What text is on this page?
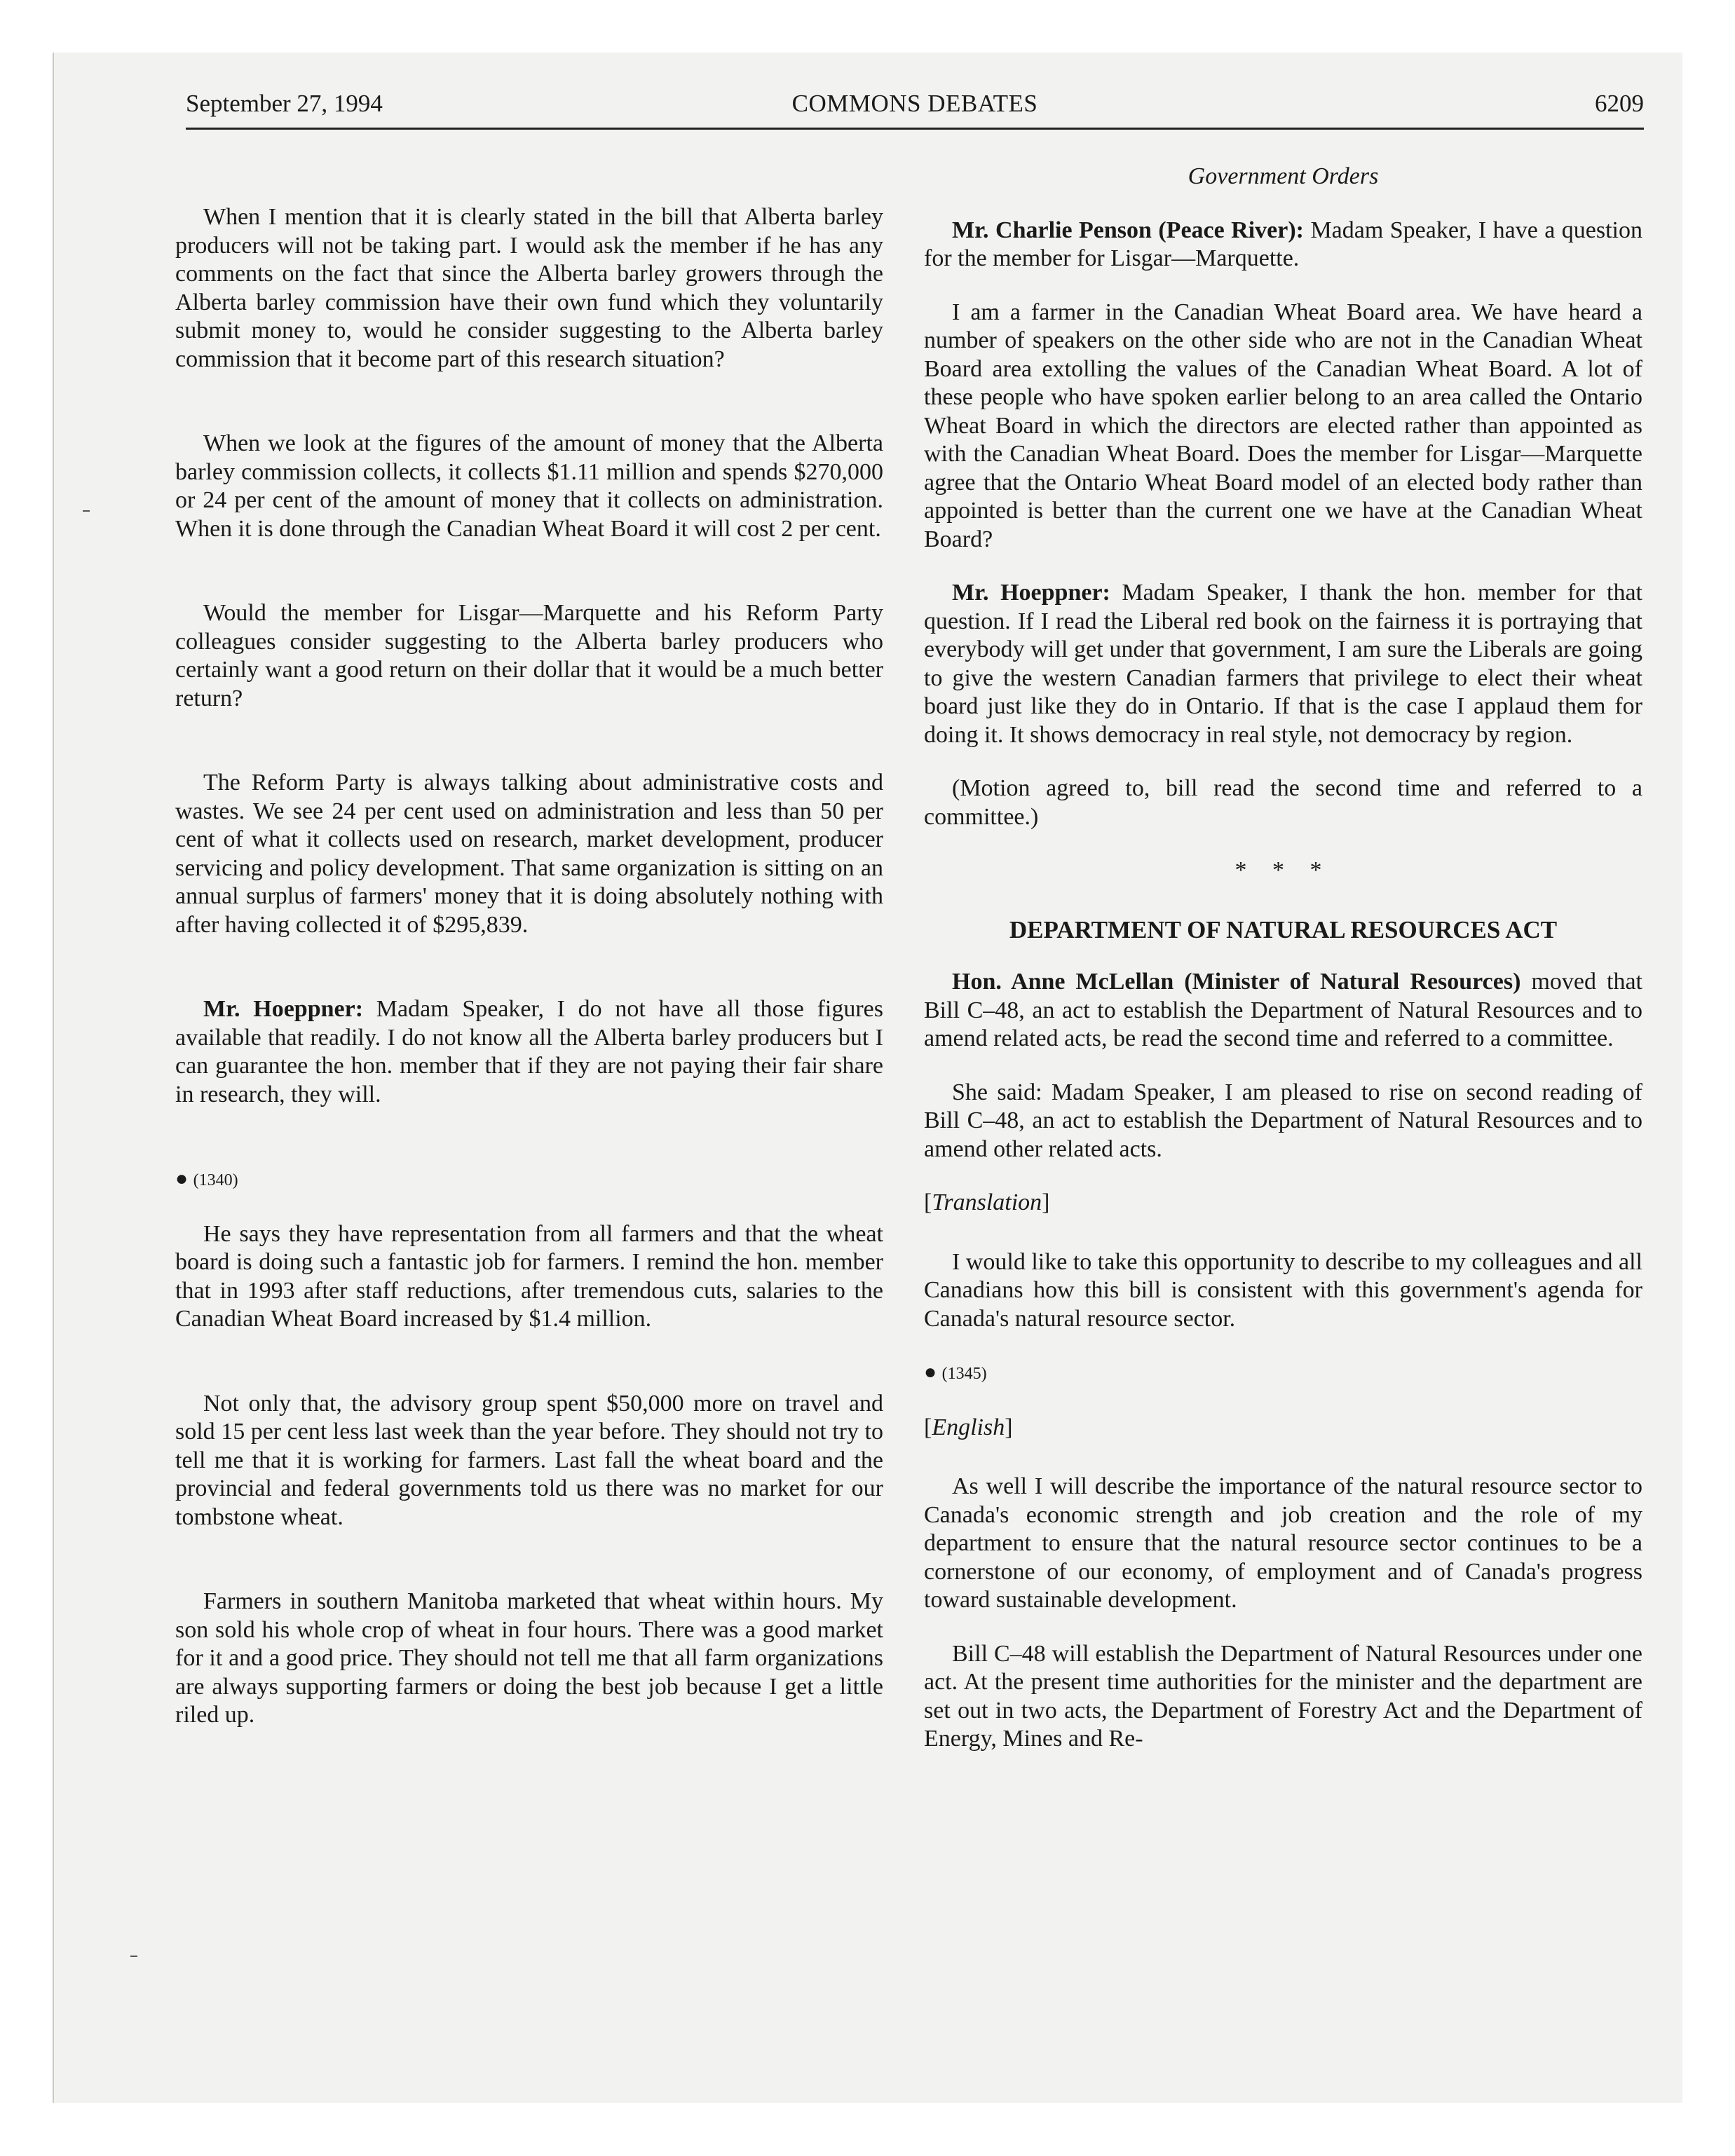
September 27, 1994	COMMONS DEBATES	6209

When I mention that it is clearly stated in the bill that Alberta barley producers will not be taking part. I would ask the member if he has any comments on the fact that since the Alberta barley growers through the Alberta barley commission have their own fund which they voluntarily submit money to, would he consider suggesting to the Alberta barley commission that it become part of this research situation?

When we look at the figures of the amount of money that the Alberta barley commission collects, it collects $1.11 million and spends $270,000 or 24 per cent of the amount of money that it collects on administration. When it is done through the Canadian Wheat Board it will cost 2 per cent.

Would the member for Lisgar—Marquette and his Reform Party colleagues consider suggesting to the Alberta barley producers who certainly want a good return on their dollar that it would be a much better return?

The Reform Party is always talking about administrative costs and wastes. We see 24 per cent used on administration and less than 50 per cent of what it collects used on research, market development, producer servicing and policy development. That same organization is sitting on an annual surplus of farmers' money that it is doing absolutely nothing with after having collected it of $295,839.

Mr. Hoeppner: Madam Speaker, I do not have all those figures available that readily. I do not know all the Alberta barley producers but I can guarantee the hon. member that if they are not paying their fair share in research, they will.

● (1340)

He says they have representation from all farmers and that the wheat board is doing such a fantastic job for farmers. I remind the hon. member that in 1993 after staff reductions, after tremendous cuts, salaries to the Canadian Wheat Board increased by $1.4 million.

Not only that, the advisory group spent $50,000 more on travel and sold 15 per cent less last week than the year before. They should not try to tell me that it is working for farmers. Last fall the wheat board and the provincial and federal governments told us there was no market for our tombstone wheat.

Farmers in southern Manitoba marketed that wheat within hours. My son sold his whole crop of wheat in four hours. There was a good market for it and a good price. They should not tell me that all farm organizations are always supporting farmers or doing the best job because I get a little riled up.

Government Orders

Mr. Charlie Penson (Peace River): Madam Speaker, I have a question for the member for Lisgar—Marquette.

I am a farmer in the Canadian Wheat Board area. We have heard a number of speakers on the other side who are not in the Canadian Wheat Board area extolling the values of the Canadian Wheat Board. A lot of these people who have spoken earlier belong to an area called the Ontario Wheat Board in which the directors are elected rather than appointed as with the Canadian Wheat Board. Does the member for Lisgar—Marquette agree that the Ontario Wheat Board model of an elected body rather than appointed is better than the current one we have at the Canadian Wheat Board?

Mr. Hoeppner: Madam Speaker, I thank the hon. member for that question. If I read the Liberal red book on the fairness it is portraying that everybody will get under that government, I am sure the Liberals are going to give the western Canadian farmers that privilege to elect their wheat board just like they do in Ontario. If that is the case I applaud them for doing it. It shows democracy in real style, not democracy by region.

(Motion agreed to, bill read the second time and referred to a committee.)

* * *

DEPARTMENT OF NATURAL RESOURCES ACT

Hon. Anne McLellan (Minister of Natural Resources) moved that Bill C–48, an act to establish the Department of Natural Resources and to amend related acts, be read the second time and referred to a committee.

She said: Madam Speaker, I am pleased to rise on second reading of Bill C–48, an act to establish the Department of Natural Resources and to amend other related acts.

[Translation]

I would like to take this opportunity to describe to my colleagues and all Canadians how this bill is consistent with this government's agenda for Canada's natural resource sector.

● (1345)

[English]

As well I will describe the importance of the natural resource sector to Canada's economic strength and job creation and the role of my department to ensure that the natural resource sector continues to be a cornerstone of our economy, of employment and of Canada's progress toward sustainable development.

Bill C–48 will establish the Department of Natural Resources under one act. At the present time authorities for the minister and the department are set out in two acts, the Department of Forestry Act and the Department of Energy, Mines and Re-
